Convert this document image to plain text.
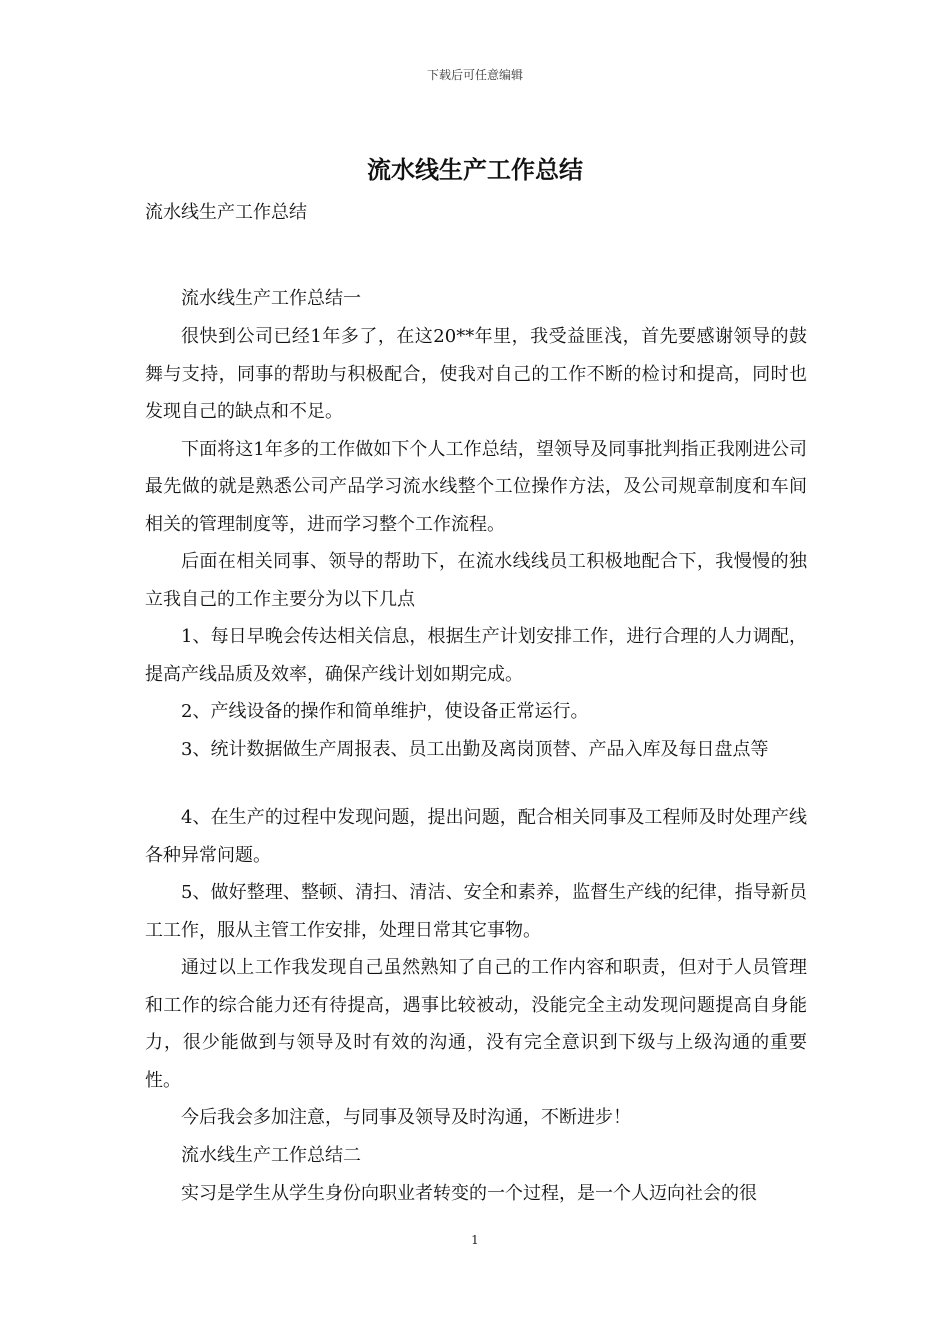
下载后可任意编辑
流水线生产工作总结

流水线生产工作总结

流水线生产工作总结一

很快到公司已经1年多了，在这20**年里，我受益匪浅，首先要感谢领导的鼓舞与支持，同事的帮助与积极配合，使我对自己的工作不断的检讨和提高，同时也发现自己的缺点和不足。

下面将这1年多的工作做如下个人工作总结，望领导及同事批判指正我刚进公司最先做的就是熟悉公司产品学习流水线整个工位操作方法，及公司规章制度和车间相关的管理制度等，进而学习整个工作流程。

后面在相关同事、领导的帮助下，在流水线线员工积极地配合下，我慢慢的独立我自己的工作主要分为以下几点

1、每日早晚会传达相关信息，根据生产计划安排工作，进行合理的人力调配，提高产线品质及效率，确保产线计划如期完成。

2、产线设备的操作和简单维护，使设备正常运行。

3、统计数据做生产周报表、员工出勤及离岗顶替、产品入库及每日盘点等

4、在生产的过程中发现问题，提出问题，配合相关同事及工程师及时处理产线各种异常问题。

5、做好整理、整顿、清扫、清洁、安全和素养，监督生产线的纪律，指导新员工工作，服从主管工作安排，处理日常其它事物。

通过以上工作我发现自己虽然熟知了自己的工作内容和职责，但对于人员管理和工作的综合能力还有待提高，遇事比较被动，没能完全主动发现问题提高自身能力，很少能做到与领导及时有效的沟通，没有完全意识到下级与上级沟通的重要性。

今后我会多加注意，与同事及领导及时沟通，不断进步！

流水线生产工作总结二

实习是学生从学生身份向职业者转变的一个过程，是一个人迈向社会的很

1
